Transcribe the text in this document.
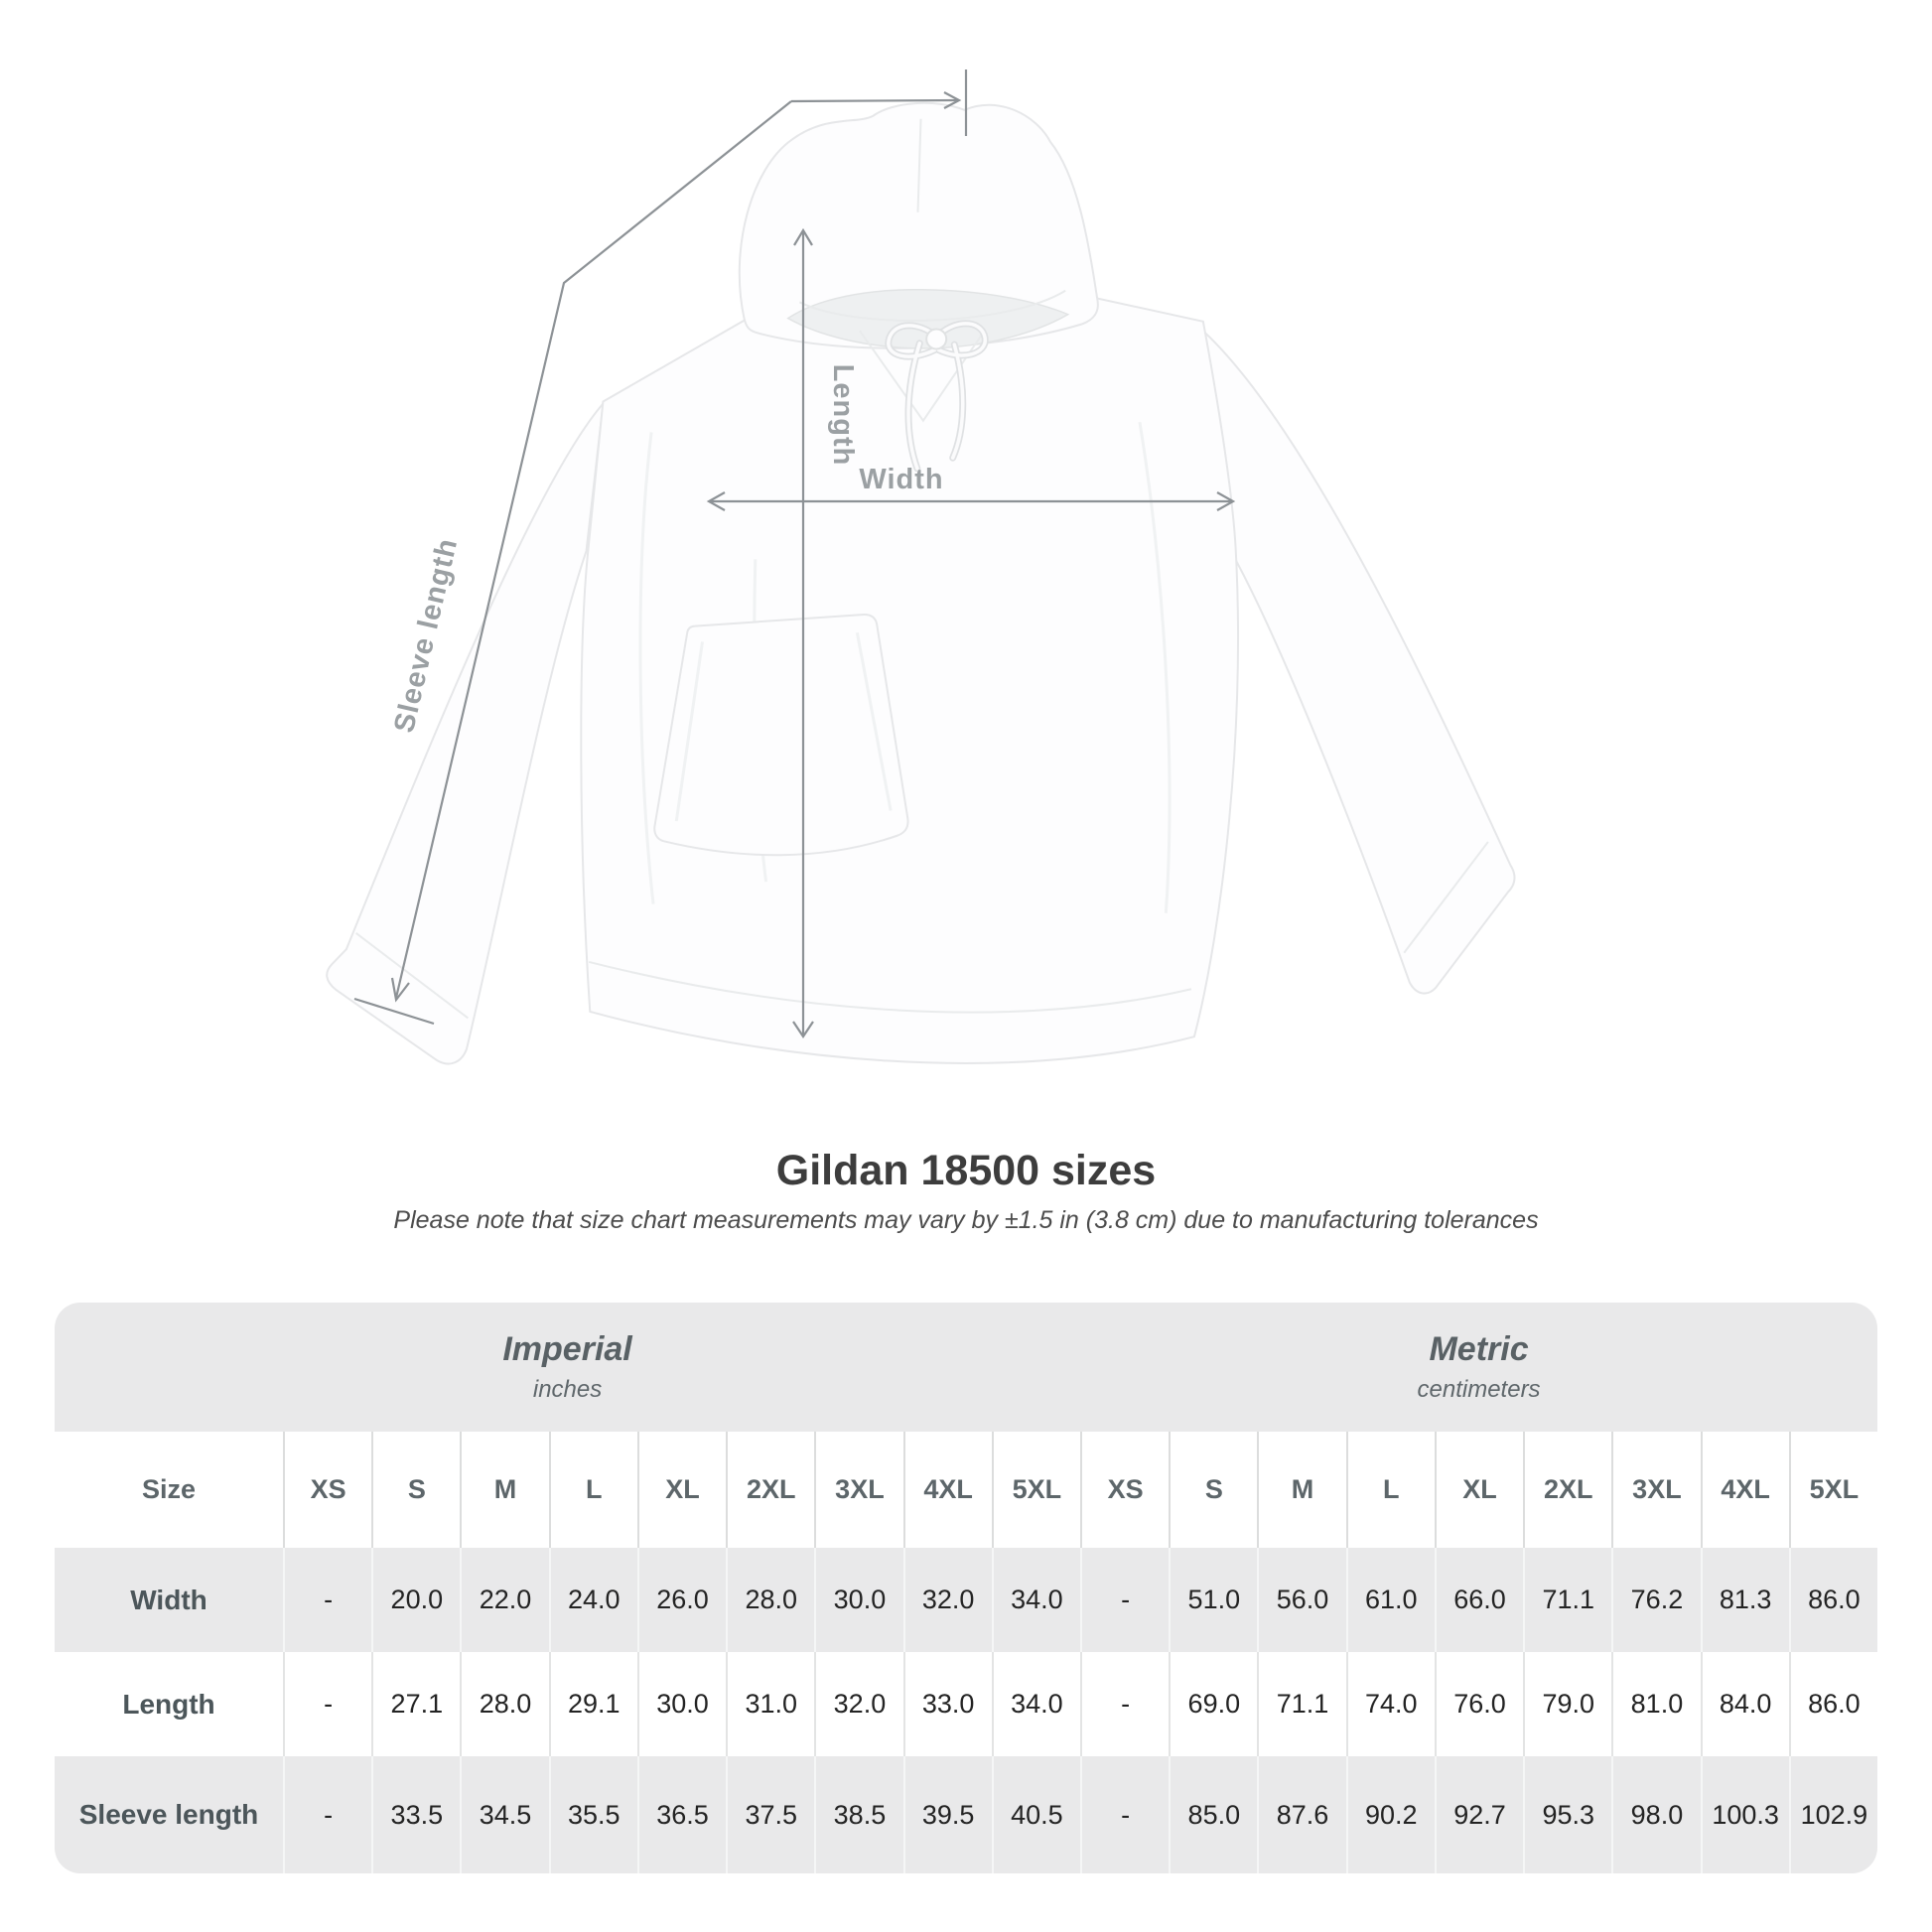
Length
Width
Sleeve length
Gildan 18500 sizes

Please note that size chart measurements may vary by ±1.5 in (3.8 cm) due to manufacturing tolerances

Imperial
inches
Metric
centimeters
Size	XS	S	M	L	XL	2XL	3XL	4XL	5XL	XS	S	M	L	XL	2XL	3XL	4XL	5XL
Width	-	20.0	22.0	24.0	26.0	28.0	30.0	32.0	34.0	-	51.0	56.0	61.0	66.0	71.1	76.2	81.3	86.0
Length	-	27.1	28.0	29.1	30.0	31.0	32.0	33.0	34.0	-	69.0	71.1	74.0	76.0	79.0	81.0	84.0	86.0
Sleeve length	-	33.5	34.5	35.5	36.5	37.5	38.5	39.5	40.5	-	85.0	87.6	90.2	92.7	95.3	98.0	100.3 102.9
